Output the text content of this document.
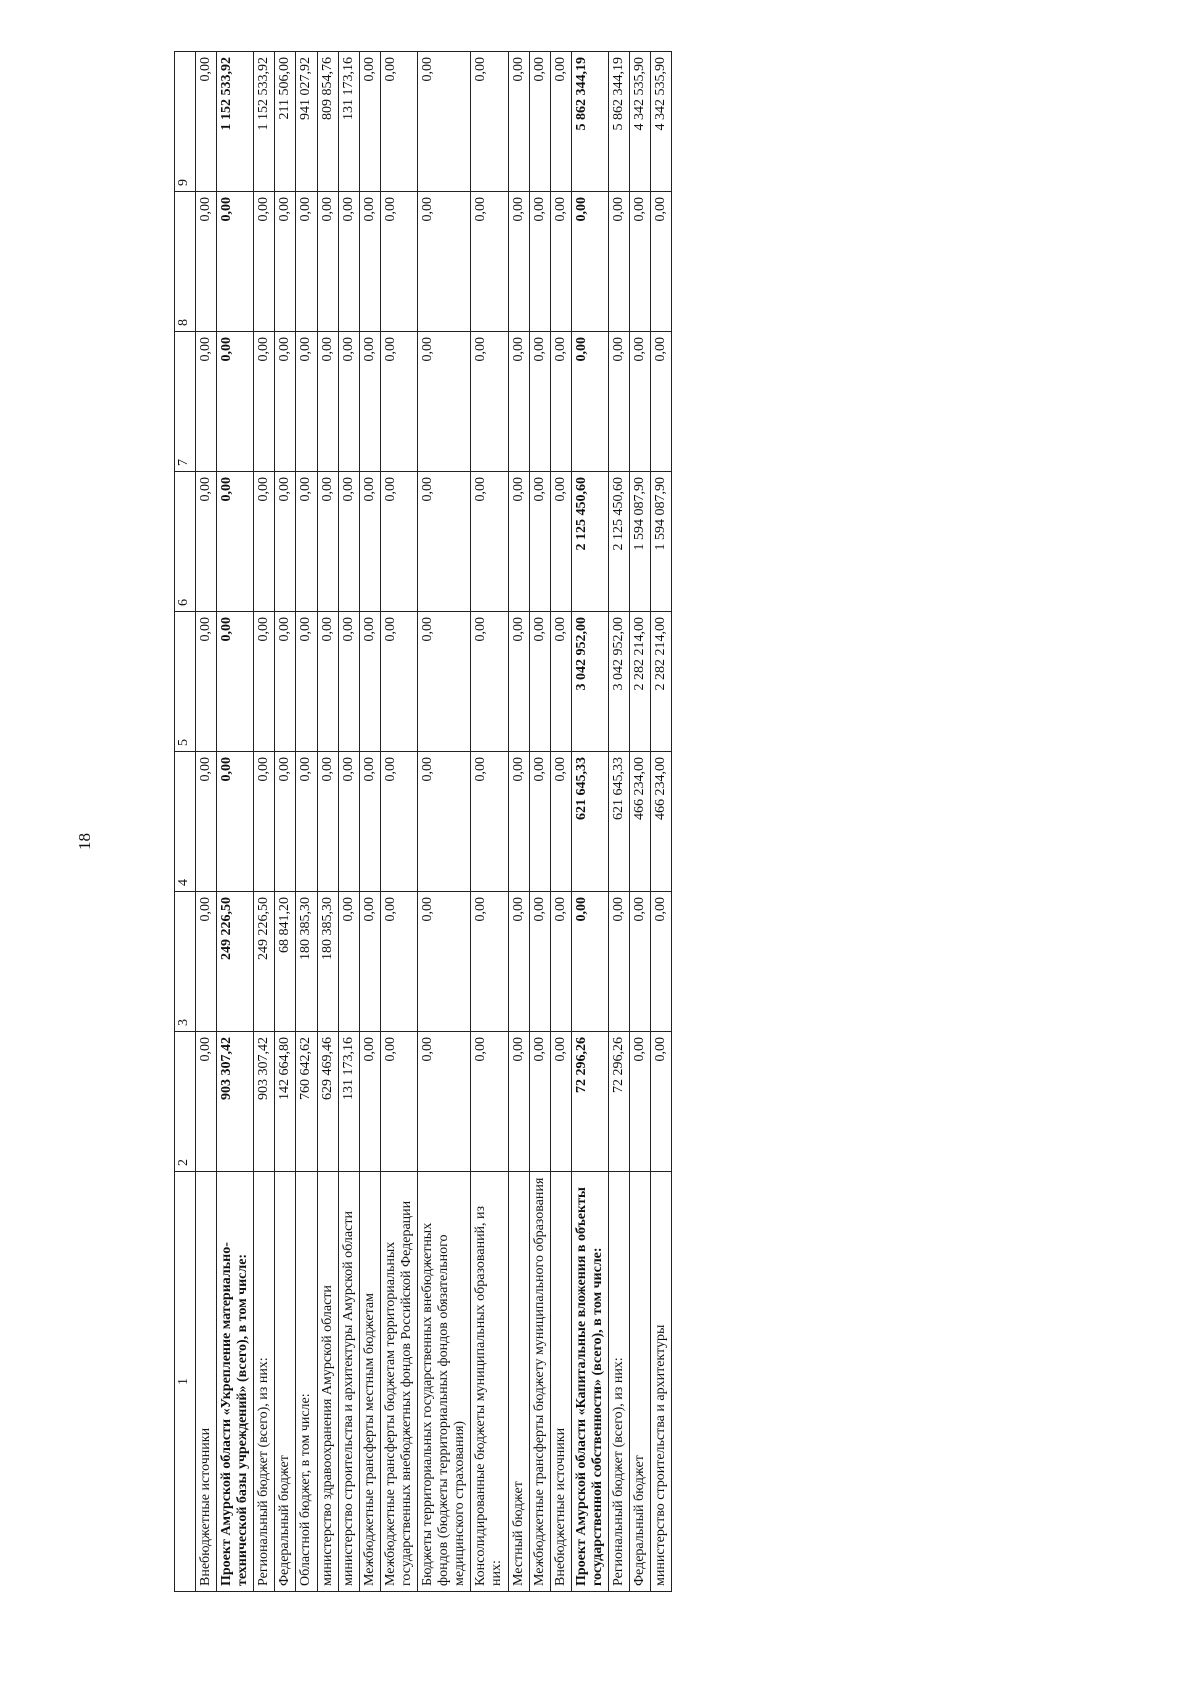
18
1	2	3	4	5	6	7	8	9
Внебюджетные источники	0,00	0,00	0,00	0,00	0,00	0,00	0,00	0,00
Проект Амурской области «Укрепление материально-технической базы учреждений» (всего), в том числе:	903 307,42	249 226,50	0,00	0,00	0,00	0,00	0,00	1 152 533,92
Региональный бюджет (всего), из них:	903 307,42	249 226,50	0,00	0,00	0,00	0,00	0,00	1 152 533,92
Федеральный бюджет	142 664,80	68 841,20	0,00	0,00	0,00	0,00	0,00	211 506,00
Областной бюджет, в том числе:	760 642,62	180 385,30	0,00	0,00	0,00	0,00	0,00	941 027,92
министерство здравоохранения Амурской области	629 469,46	180 385,30	0,00	0,00	0,00	0,00	0,00	809 854,76
министерство строительства и архитектуры Амурской области	131 173,16	0,00	0,00	0,00	0,00	0,00	0,00	131 173,16
Межбюджетные трансферты местным бюджетам	0,00	0,00	0,00	0,00	0,00	0,00	0,00	0,00
Межбюджетные трансферты бюджетам территориальных государственных внебюджетных фондов Российской Федерации	0,00	0,00	0,00	0,00	0,00	0,00	0,00	0,00
Бюджеты территориальных государственных внебюджетных фондов (бюджеты территориальных фондов обязательного медицинского страхования)	0,00	0,00	0,00	0,00	0,00	0,00	0,00	0,00
Консолидированные бюджеты муниципальных образований, из них:	0,00	0,00	0,00	0,00	0,00	0,00	0,00	0,00
Местный бюджет	0,00	0,00	0,00	0,00	0,00	0,00	0,00	0,00
Межбюджетные трансферты бюджету муниципального образования	0,00	0,00	0,00	0,00	0,00	0,00	0,00	0,00
Внебюджетные источники	0,00	0,00	0,00	0,00	0,00	0,00	0,00	0,00
Проект Амурской области «Капитальные вложения в объекты государственной собственности» (всего), в том числе:	72 296,26	0,00	621 645,33	3 042 952,00	2 125 450,60	0,00	0,00	5 862 344,19
Региональный бюджет (всего), из них:	72 296,26	0,00	621 645,33	3 042 952,00	2 125 450,60	0,00	0,00	5 862 344,19
Федеральный бюджет	0,00	0,00	466 234,00	2 282 214,00	1 594 087,90	0,00	0,00	4 342 535,90
министерство строительства и архитектуры	0,00	0,00	466 234,00	2 282 214,00	1 594 087,90	0,00	0,00	4 342 535,90
